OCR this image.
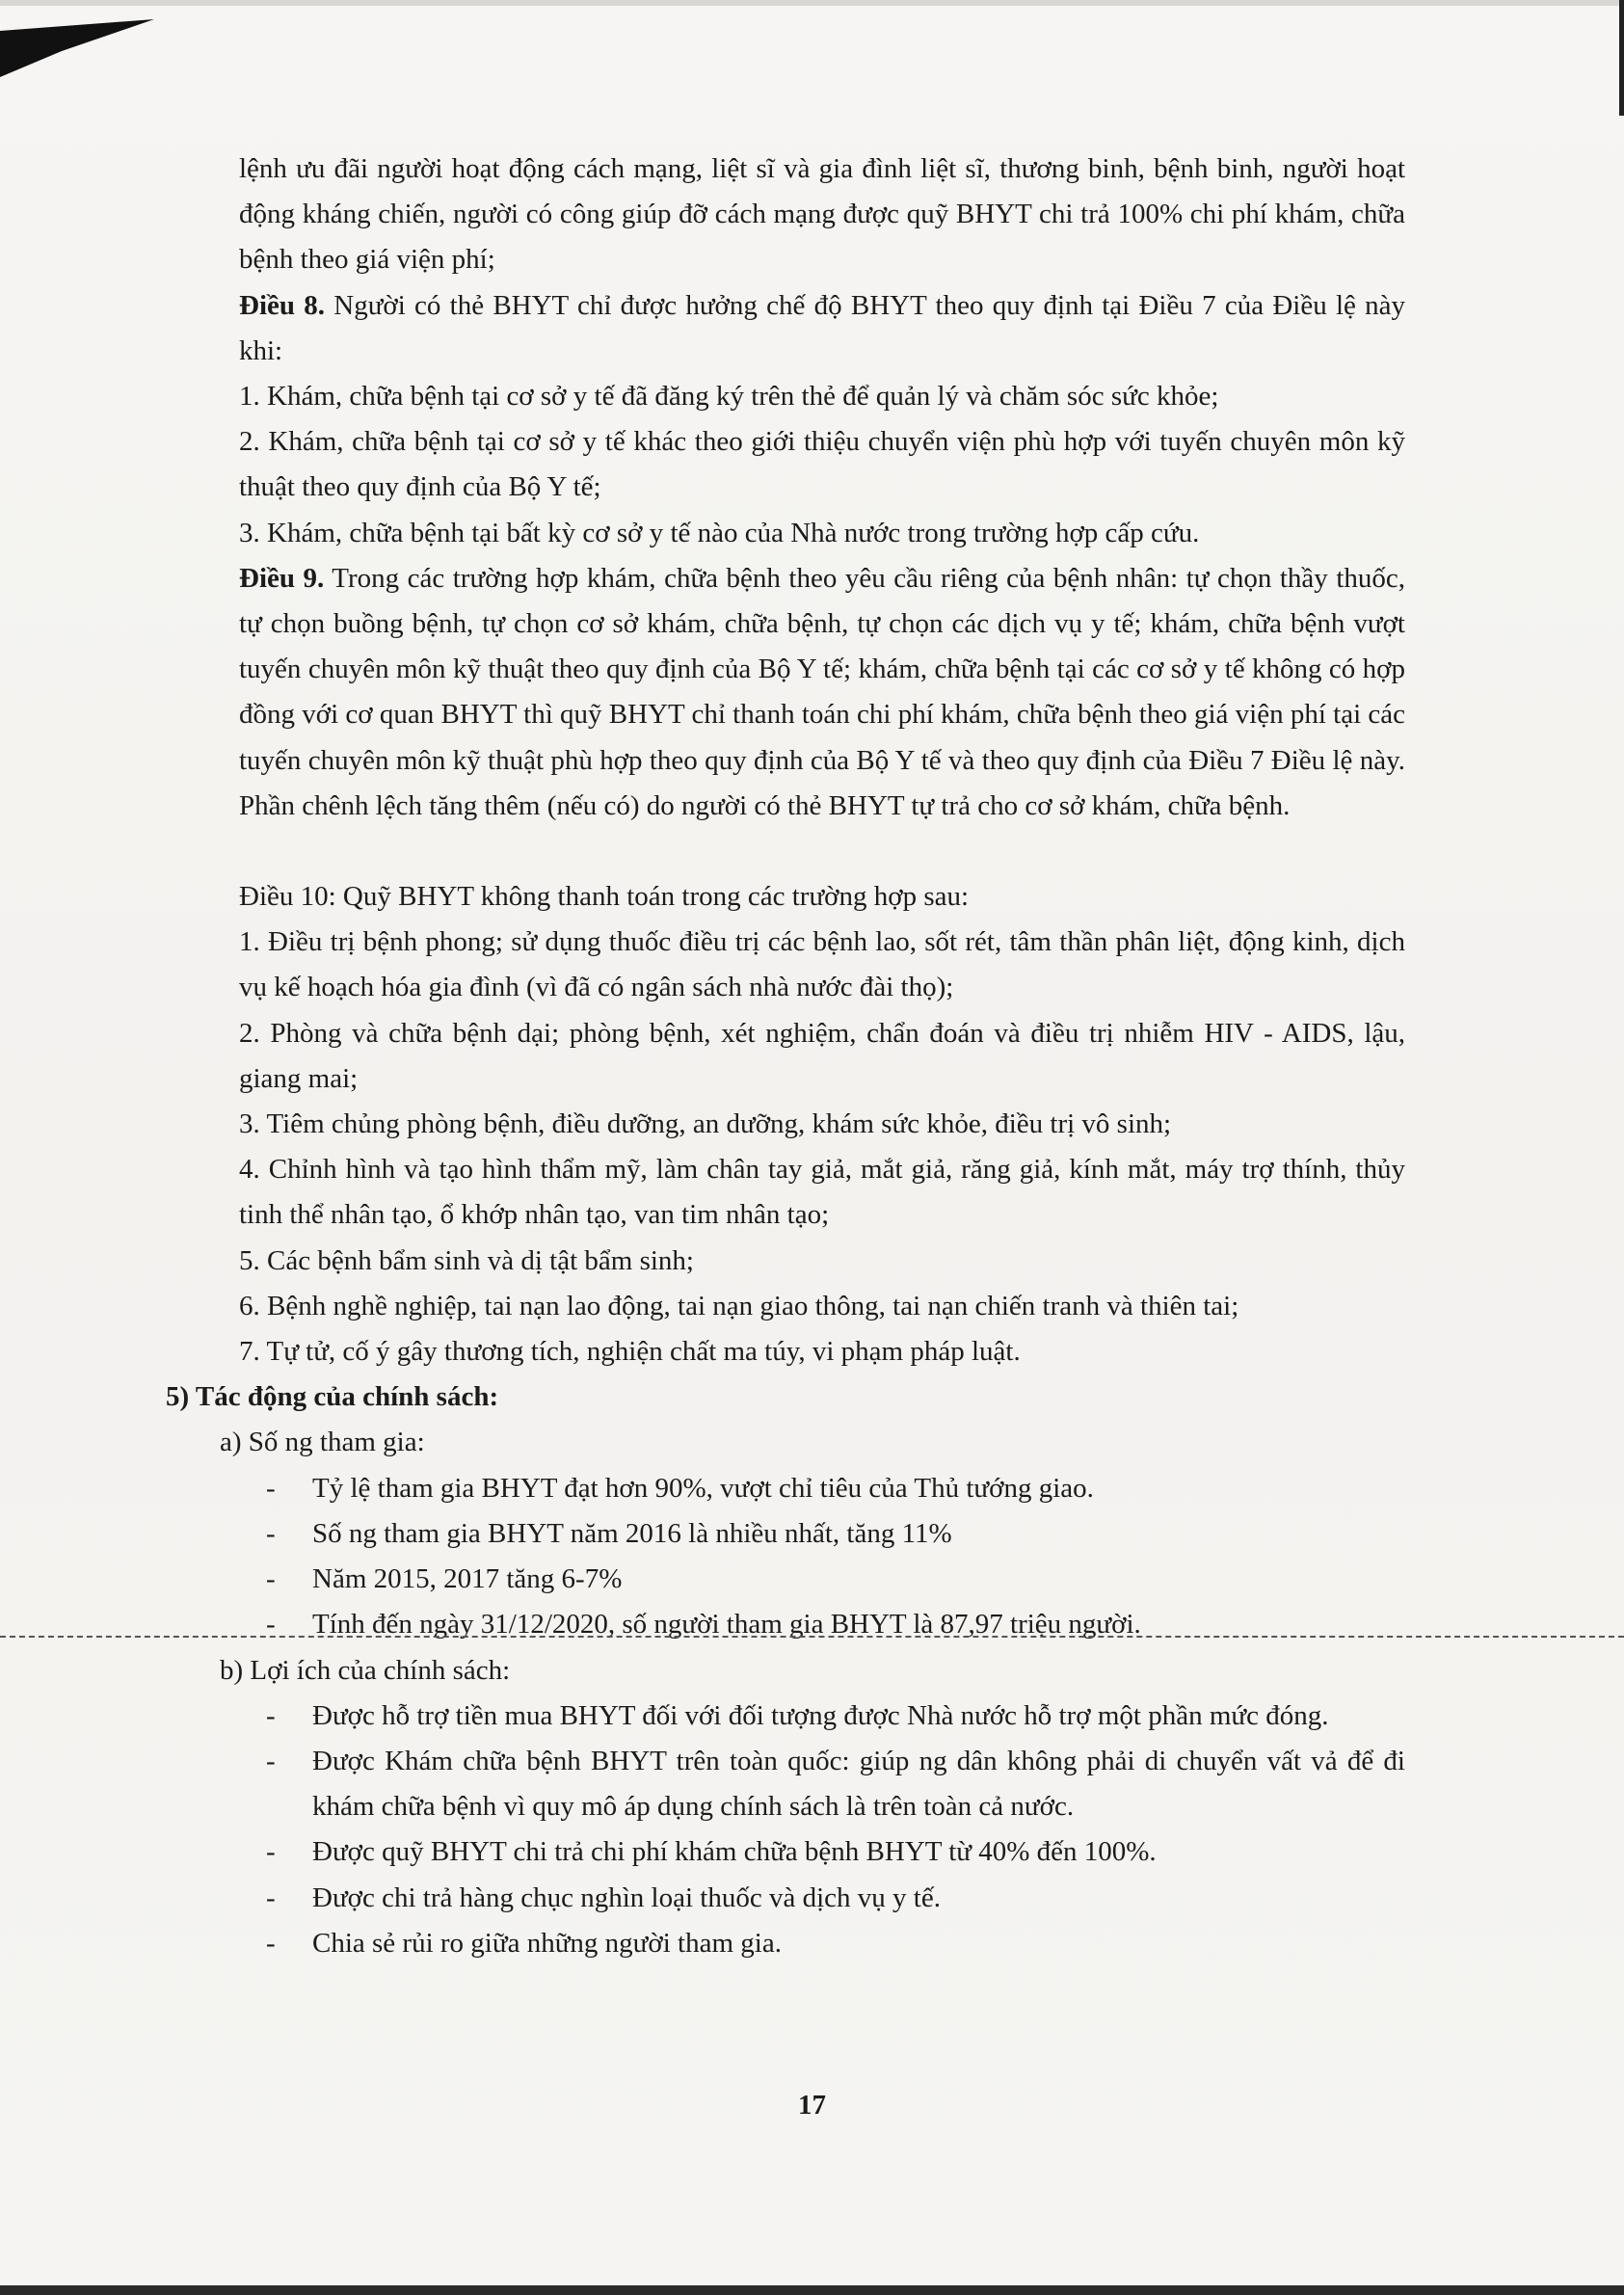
lệnh ưu đãi người hoạt động cách mạng, liệt sĩ và gia đình liệt sĩ, thương binh, bệnh binh, người hoạt động kháng chiến, người có công giúp đỡ cách mạng được quỹ BHYT chi trả 100% chi phí khám, chữa bệnh theo giá viện phí;

Điều 8. Người có thẻ BHYT chỉ được hưởng chế độ BHYT theo quy định tại Điều 7 của Điều lệ này khi:

1. Khám, chữa bệnh tại cơ sở y tế đã đăng ký trên thẻ để quản lý và chăm sóc sức khỏe;

2. Khám, chữa bệnh tại cơ sở y tế khác theo giới thiệu chuyển viện phù hợp với tuyến chuyên môn kỹ thuật theo quy định của Bộ Y tế;

3. Khám, chữa bệnh tại bất kỳ cơ sở y tế nào của Nhà nước trong trường hợp cấp cứu.

Điều 9. Trong các trường hợp khám, chữa bệnh theo yêu cầu riêng của bệnh nhân: tự chọn thầy thuốc, tự chọn buồng bệnh, tự chọn cơ sở khám, chữa bệnh, tự chọn các dịch vụ y tế; khám, chữa bệnh vượt tuyến chuyên môn kỹ thuật theo quy định của Bộ Y tế; khám, chữa bệnh tại các cơ sở y tế không có hợp đồng với cơ quan BHYT thì quỹ BHYT chỉ thanh toán chi phí khám, chữa bệnh theo giá viện phí tại các tuyến chuyên môn kỹ thuật phù hợp theo quy định của Bộ Y tế và theo quy định của Điều 7 Điều lệ này. Phần chênh lệch tăng thêm (nếu có) do người có thẻ BHYT tự trả cho cơ sở khám, chữa bệnh.

Điều 10: Quỹ BHYT không thanh toán trong các trường hợp sau:

1. Điều trị bệnh phong; sử dụng thuốc điều trị các bệnh lao, sốt rét, tâm thần phân liệt, động kinh, dịch vụ kế hoạch hóa gia đình (vì đã có ngân sách nhà nước đài thọ);

2. Phòng và chữa bệnh dại; phòng bệnh, xét nghiệm, chẩn đoán và điều trị nhiễm HIV - AIDS, lậu, giang mai;

3. Tiêm chủng phòng bệnh, điều dưỡng, an dưỡng, khám sức khỏe, điều trị vô sinh;

4. Chỉnh hình và tạo hình thẩm mỹ, làm chân tay giả, mắt giả, răng giả, kính mắt, máy trợ thính, thủy tinh thể nhân tạo, ổ khớp nhân tạo, van tim nhân tạo;

5. Các bệnh bẩm sinh và dị tật bẩm sinh;

6. Bệnh nghề nghiệp, tai nạn lao động, tai nạn giao thông, tai nạn chiến tranh và thiên tai;

7. Tự tử, cố ý gây thương tích, nghiện chất ma túy, vi phạm pháp luật.

5) Tác động của chính sách:

a) Số ng tham gia:

-	Tỷ lệ tham gia BHYT đạt hơn 90%, vượt chỉ tiêu của Thủ tướng giao.
-	Số ng tham gia BHYT năm 2016 là nhiều nhất, tăng 11%
-	Năm 2015, 2017 tăng 6-7%
-	Tính đến ngày 31/12/2020, số người tham gia BHYT là 87,97 triệu người.

b) Lợi ích của chính sách:

-	Được hỗ trợ tiền mua BHYT đối với đối tượng được Nhà nước hỗ trợ một phần mức đóng.
-	Được Khám chữa bệnh BHYT trên toàn quốc: giúp ng dân không phải di chuyển vất vả để đi khám chữa bệnh vì quy mô áp dụng chính sách là trên toàn cả nước.
-	Được quỹ BHYT chi trả chi phí khám chữa bệnh BHYT từ 40% đến 100%.
-	Được chi trả hàng chục nghìn loại thuốc và dịch vụ y tế.
-	Chia sẻ rủi ro giữa những người tham gia.
17
